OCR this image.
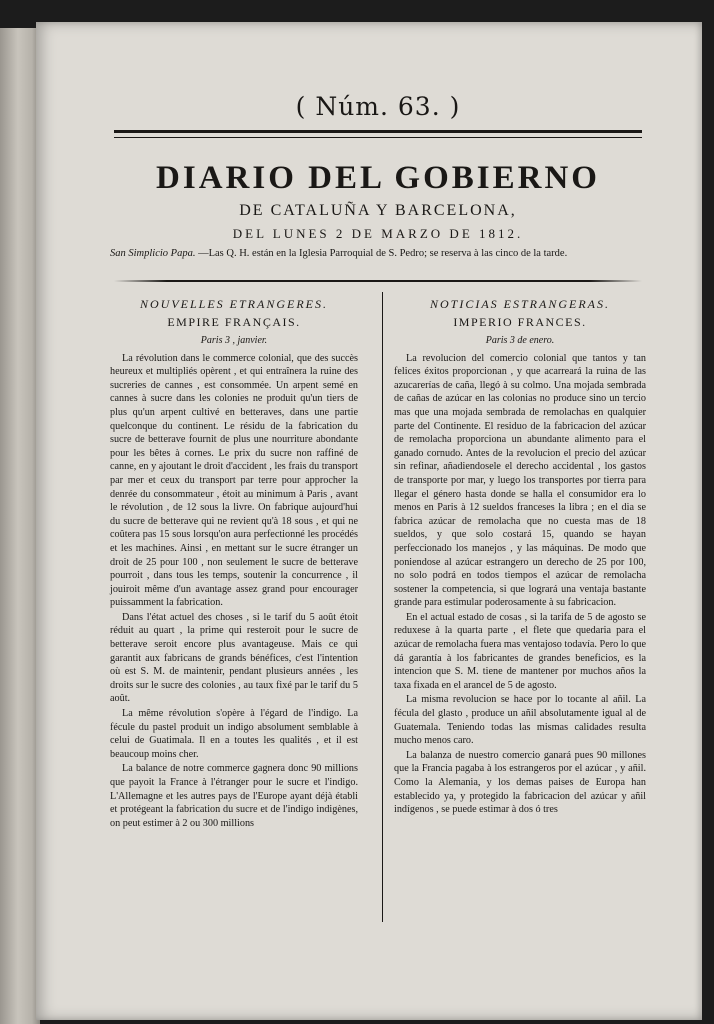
( Núm. 63. )
DIARIO DEL GOBIERNO
DE CATALUÑA Y BARCELONA,
DEL LUNES 2 DE MARZO DE 1812.
San Simplicio Papa. —Las Q. H. están en la Iglesia Parroquial de S. Pedro; se reserva à las cinco de la tarde.
NOUVELLES ETRANGERES.
EMPIRE FRANÇAIS.
Paris 3 , janvier.

La révolution dans le commerce colonial, que des succès heureux et multipliés opèrent , et qui entraînera la ruine des sucreries de cannes , est consommée. Un arpent semé en cannes à sucre dans les colonies ne produit qu'un tiers de plus qu'un arpent cultivé en betteraves, dans une partie quelconque du continent. Le résidu de la fabrication du sucre de betterave fournit de plus une nourriture abondante pour les bêtes à cornes. Le prix du sucre non raffiné de canne, en y ajoutant le droit d'accident , les frais du transport par mer et ceux du transport par terre pour approcher la denrée du consommateur , étoit au minimum à Paris , avant le révolution , de 12 sous la livre. On fabrique aujourd'hui du sucre de betterave qui ne revient qu'à 18 sous , et qui ne coûtera pas 15 sous lorsqu'on aura perfectionné les procédés et les machines. Ainsi , en mettant sur le sucre étranger un droit de 25 pour 100 , non seulement le sucre de betterave pourroit , dans tous les temps, soutenir la concurrence , il jouiroit même d'un avantage assez grand pour encourager puissamment la fabrication.

Dans l'état actuel des choses , si le tarif du 5 août étoit réduit au quart , la prime qui resteroit pour le sucre de betterave seroit encore plus avantageuse. Mais ce qui garantit aux fabricans de grands bénéfices, c'est l'intention où est S. M. de maintenir, pendant plusieurs années , les droits sur le sucre des colonies , au taux fixé par le tarif du 5 août.

La même révolution s'opère à l'égard de l'indigo. La fécule du pastel produit un indigo absolument semblable à celui de Guatimala. Il en a toutes les qualités , et il est beaucoup moins cher.

La balance de notre commerce gagnera donc 90 millions que payoit la France à l'étranger pour le sucre et l'indigo. L'Allemagne et les autres pays de l'Europe ayant déjà établi et protégeant la fabrication du sucre et de l'indigo indigènes, on peut estimer à 2 ou 300 millions

NOTICIAS ESTRANGERAS.
IMPERIO FRANCES.
Paris 3 de enero.

La revolucion del comercio colonial que tantos y tan felices éxitos proporcionan , y que acarreará la ruina de las azucarerías de caña, llegó à su colmo. Una mojada sembrada de cañas de azúcar en las colonias no produce sino un tercio mas que una mojada sembrada de remolachas en qualquier parte del Continente. El residuo de la fabricacion del azúcar de remolacha proporciona un abundante alimento para el ganado cornudo. Antes de la revolucion el precio del azúcar sin refinar, añadiendosele el derecho accidental , los gastos de transporte por mar, y luego los transportes por tierra para llegar el género hasta donde se halla el consumidor era lo menos en Paris à 12 sueldos franceses la libra ; en el dia se fabrica azúcar de remolacha que no cuesta mas de 18 sueldos, y que solo costará 15, quando se hayan perfeccionado los manejos , y las máquinas. De modo que poniendose al azúcar estrangero un derecho de 25 por 100, no solo podrá en todos tiempos el azúcar de remolacha sostener la competencia, si que logrará una ventaja bastante grande para estimular poderosamente à su fabricacion.

En el actual estado de cosas , si la tarifa de 5 de agosto se reduxese à la quarta parte , el flete que quedaria para el azúcar de remolacha fuera mas ventajoso todavía. Pero lo que dá garantía à los fabricantes de grandes beneficios, es la intencion que S. M. tiene de mantener por muchos años la taxa fixada en el arancel de 5 de agosto.

La misma revolucion se hace por lo tocante al añil. La fécula del glasto , produce un añil absolutamente igual al de Guatemala. Teniendo todas las mismas calidades resulta mucho menos caro.

La balanza de nuestro comercio ganará pues 90 millones que la Francia pagaba à los estrangeros por el azúcar , y añil. Como la Alemania, y los demas paises de Europa han establecido ya, y protegido la fabricacion del azúcar y añil indígenos , se puede estimar à dos ó tres
